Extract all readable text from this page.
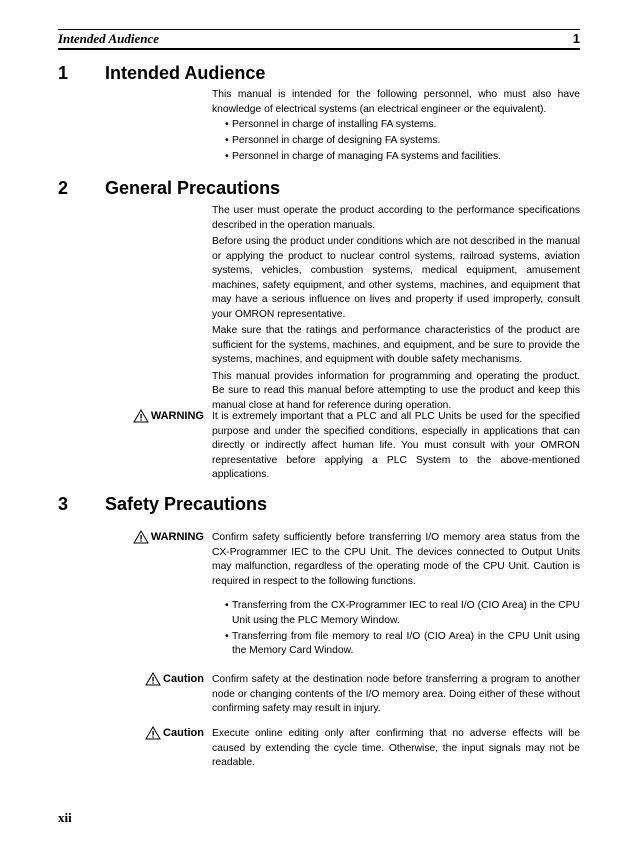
Intended Audience	1
1 Intended Audience

This manual is intended for the following personnel, who must also have knowledge of electrical systems (an electrical engineer or the equivalent).

• Personnel in charge of installing FA systems.
• Personnel in charge of designing FA systems.
• Personnel in charge of managing FA systems and facilities.
2 General Precautions

The user must operate the product according to the performance specifications described in the operation manuals.

Before using the product under conditions which are not described in the manual or applying the product to nuclear control systems, railroad systems, aviation systems, vehicles, combustion systems, medical equipment, amusement machines, safety equipment, and other systems, machines, and equipment that may have a serious influence on lives and property if used improperly, consult your OMRON representative.

Make sure that the ratings and performance characteristics of the product are sufficient for the systems, machines, and equipment, and be sure to provide the systems, machines, and equipment with double safety mechanisms.

This manual provides information for programming and operating the product. Be sure to read this manual before attempting to use the product and keep this manual close at hand for reference during operation.

WARNING It is extremely important that a PLC and all PLC Units be used for the specified purpose and under the specified conditions, especially in applications that can directly or indirectly affect human life. You must consult with your OMRON representative before applying a PLC System to the above-mentioned applications.

3 Safety Precautions
WARNING Confirm safety sufficiently before transferring I/O memory area status from the CX-Programmer IEC to the CPU Unit. The devices connected to Output Units may malfunction, regardless of the operating mode of the CPU Unit. Caution is required in respect to the following functions.

• Transferring from the CX-Programmer IEC to real I/O (CIO Area) in the CPU Unit using the PLC Memory Window.
• Transferring from file memory to real I/O (CIO Area) in the CPU Unit using the Memory Card Window.
Caution Confirm safety at the destination node before transferring a program to another node or changing contents of the I/O memory area. Doing either of these without confirming safety may result in injury.

Caution Execute online editing only after confirming that no adverse effects will be caused by extending the cycle time. Otherwise, the input signals may not be readable.

xii
